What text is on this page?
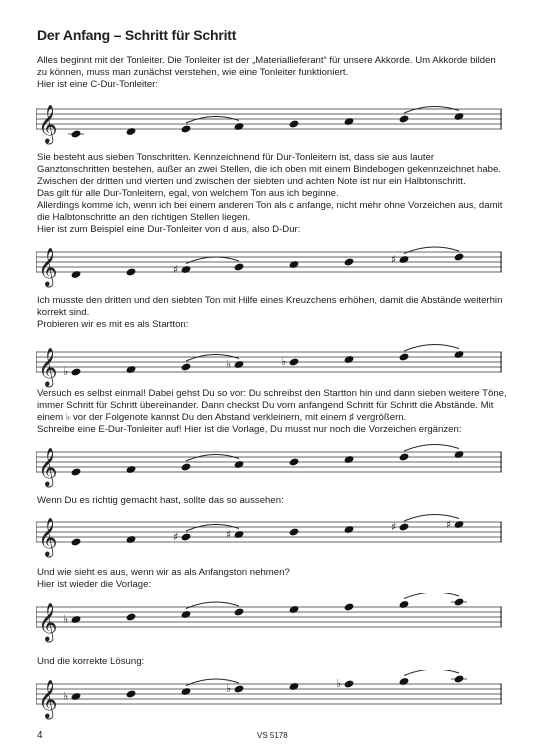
Der Anfang – Schritt für Schritt

Alles beginnt mit der Tonleiter. Die Tonleiter ist der „Materiallieferant“ für unsere Akkorde. Um Akkorde bilden zu können, muss man zunächst verstehen, wie eine Tonleiter funktioniert.

Hier ist eine C-Dur-Tonleiter:

𝄞

Sie besteht aus sieben Tonschritten. Kennzeichnend für Dur-Tonleitern ist, dass sie aus lauter Ganztonschritten bestehen, außer an zwei Stellen, die ich oben mit einem Bindebogen gekennzeichnet habe. Zwischen der dritten und vierten und zwischen der siebten und achten Note ist nur ein Halbtonschritt.

Das gilt für alle Dur-Tonleitern, egal, von welchem Ton aus ich beginne.

Allerdings komme ich, wenn ich bei einem anderen Ton als c anfange, nicht mehr ohne Vorzeichen aus, damit die Halbtonschritte an den richtigen Stellen liegen.

Hier ist zum Beispiel eine Dur-Tonleiter von d aus, also D-Dur:

𝄞	♯
♯

Ich musste den dritten und den siebten Ton mit Hilfe eines Kreuzchens erhöhen, damit die Abstände weiterhin korrekt sind.

Probieren wir es mit es als Startton:

𝄞 ♭
♭	♭

Versuch es selbst einmal! Dabei gehst Du so vor: Du schreibst den Startton hin und dann sieben weitere Töne, immer Schritt für Schritt übereinander. Dann checkst Du vorn anfangend Schritt für Schritt die Abstände. Mit einem ♭ vor der Folgenote kannst Du den Abstand verkleinern, mit einem ♯ vergrößern.

Schreibe eine E-Dur-Tonleiter auf! Hier ist die Vorlage, Du musst nur noch die Vorzeichen ergänzen:

𝄞

Wenn Du es richtig gemacht hast, sollte das so aussehen:

𝄞	♯	♯
♯	♯

Und wie sieht es aus, wenn wir as als Anfangston nehmen?

Hier ist wieder die Vorlage:

𝄞 ♭

Und die korrekte Lösung:

𝄞 ♭
♭	♭
4	VS 5178
